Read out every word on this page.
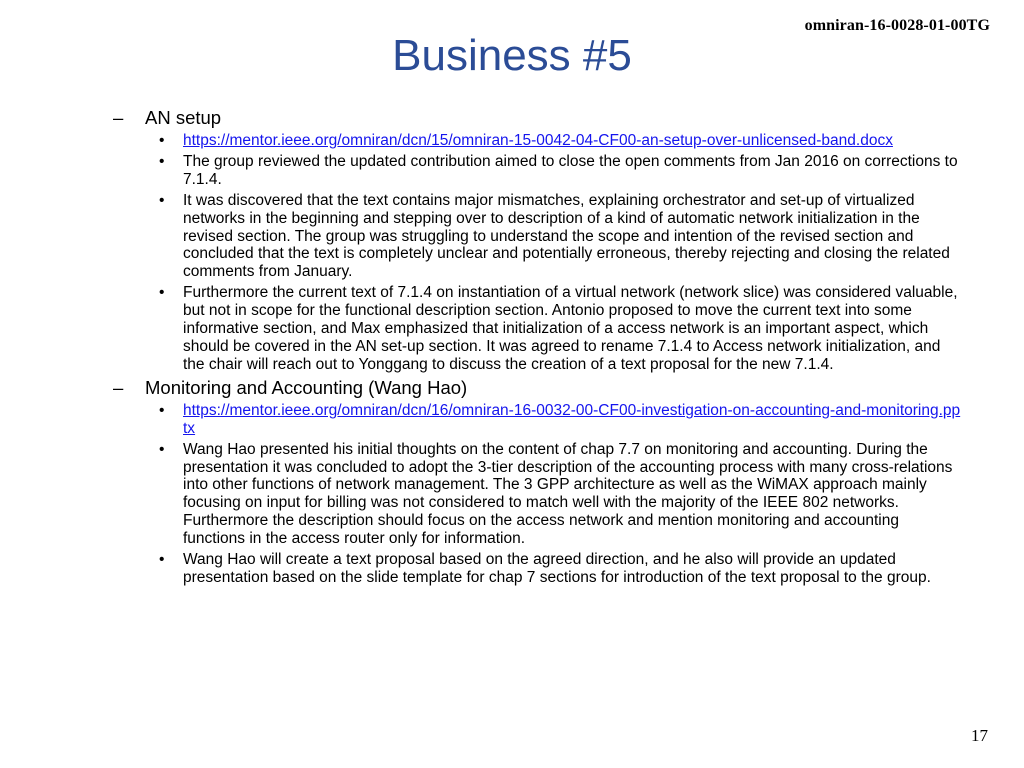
omniran-16-0028-01-00TG
Business #5
– AN setup
• https://mentor.ieee.org/omniran/dcn/15/omniran-15-0042-04-CF00-an-setup-over-unlicensed-band.docx
• The group reviewed the updated contribution aimed to close the open comments from Jan 2016 on corrections to 7.1.4.
• It was discovered that the text contains major mismatches, explaining orchestrator and set-up of virtualized networks in the beginning and stepping over to description of a kind of automatic network initialization in the revised section. The group was struggling to understand the scope and intention of the revised section and concluded that the text is completely unclear and potentially erroneous, thereby rejecting and closing the related comments from January.
• Furthermore the current text of 7.1.4 on instantiation of a virtual network (network slice) was considered valuable, but not in scope for the functional description section. Antonio proposed to move the current text into some informative section, and Max emphasized that initialization of a access network is an important aspect, which should be covered in the AN set-up section. It was agreed to rename 7.1.4 to Access network initialization, and the chair will reach out to Yonggang to discuss the creation of a text proposal for the new 7.1.4.
– Monitoring and Accounting (Wang Hao)
• https://mentor.ieee.org/omniran/dcn/16/omniran-16-0032-00-CF00-investigation-on-accounting-and-monitoring.pptx
• Wang Hao presented his initial thoughts on the content of chap 7.7 on monitoring and accounting. During the presentation it was concluded to adopt the 3-tier description of the accounting process with many cross-relations into other functions of network management. The 3 GPP architecture as well as the WiMAX approach mainly focusing on input for billing was not considered to match well with the majority of the IEEE 802 networks. Furthermore the description should focus on the access network and mention monitoring and accounting functions in the access router only for information.
• Wang Hao will create a text proposal based on the agreed direction, and he also will provide an updated presentation based on the slide template for chap 7 sections for introduction of the text proposal to the group.
17
